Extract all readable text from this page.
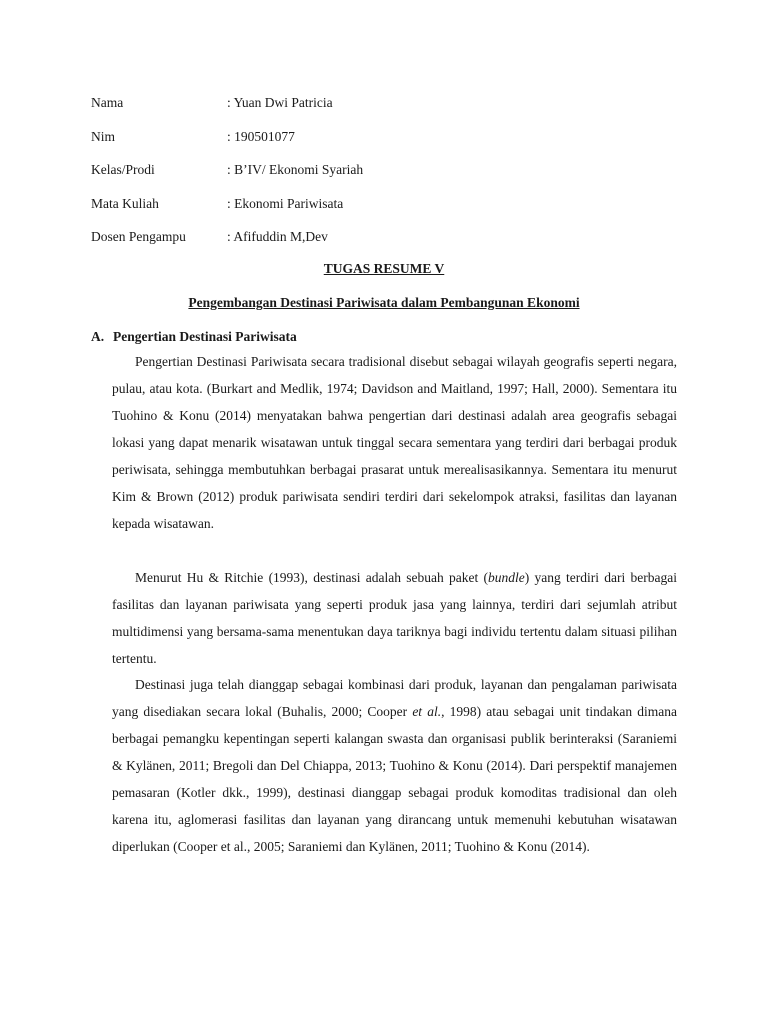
Nama	: Yuan Dwi Patricia
Nim	: 190501077
Kelas/Prodi	: B’IV/ Ekonomi Syariah
Mata Kuliah	: Ekonomi Pariwisata
Dosen Pengampu	: Afifuddin M,Dev
TUGAS RESUME V
Pengembangan Destinasi Pariwisata dalam Pembangunan Ekonomi
A. Pengertian Destinasi Pariwisata

Pengertian Destinasi Pariwisata secara tradisional disebut sebagai wilayah geografis seperti negara, pulau, atau kota. (Burkart and Medlik, 1974; Davidson and Maitland, 1997; Hall, 2000). Sementara itu Tuohino & Konu (2014) menyatakan bahwa pengertian dari destinasi adalah area geografis sebagai lokasi yang dapat menarik wisatawan untuk tinggal secara sementara yang terdiri dari berbagai produk periwisata, sehingga membutuhkan berbagai prasarat untuk merealisasikannya. Sementara itu menurut Kim & Brown (2012) produk pariwisata sendiri terdiri dari sekelompok atraksi, fasilitas dan layanan kepada wisatawan.

Menurut Hu & Ritchie (1993), destinasi adalah sebuah paket (bundle) yang terdiri dari berbagai fasilitas dan layanan pariwisata yang seperti produk jasa yang lainnya, terdiri dari sejumlah atribut multidimensi yang bersama-sama menentukan daya tariknya bagi individu tertentu dalam situasi pilihan tertentu.

Destinasi juga telah dianggap sebagai kombinasi dari produk, layanan dan pengalaman pariwisata yang disediakan secara lokal (Buhalis, 2000; Cooper et al., 1998) atau sebagai unit tindakan dimana berbagai pemangku kepentingan seperti kalangan swasta dan organisasi publik berinteraksi (Saraniemi & Kylänen, 2011; Bregoli dan Del Chiappa, 2013; Tuohino & Konu (2014). Dari perspektif manajemen pemasaran (Kotler dkk., 1999), destinasi dianggap sebagai produk komoditas tradisional dan oleh karena itu, aglomerasi fasilitas dan layanan yang dirancang untuk memenuhi kebutuhan wisatawan diperlukan (Cooper et al., 2005; Saraniemi dan Kylänen, 2011; Tuohino & Konu (2014).
